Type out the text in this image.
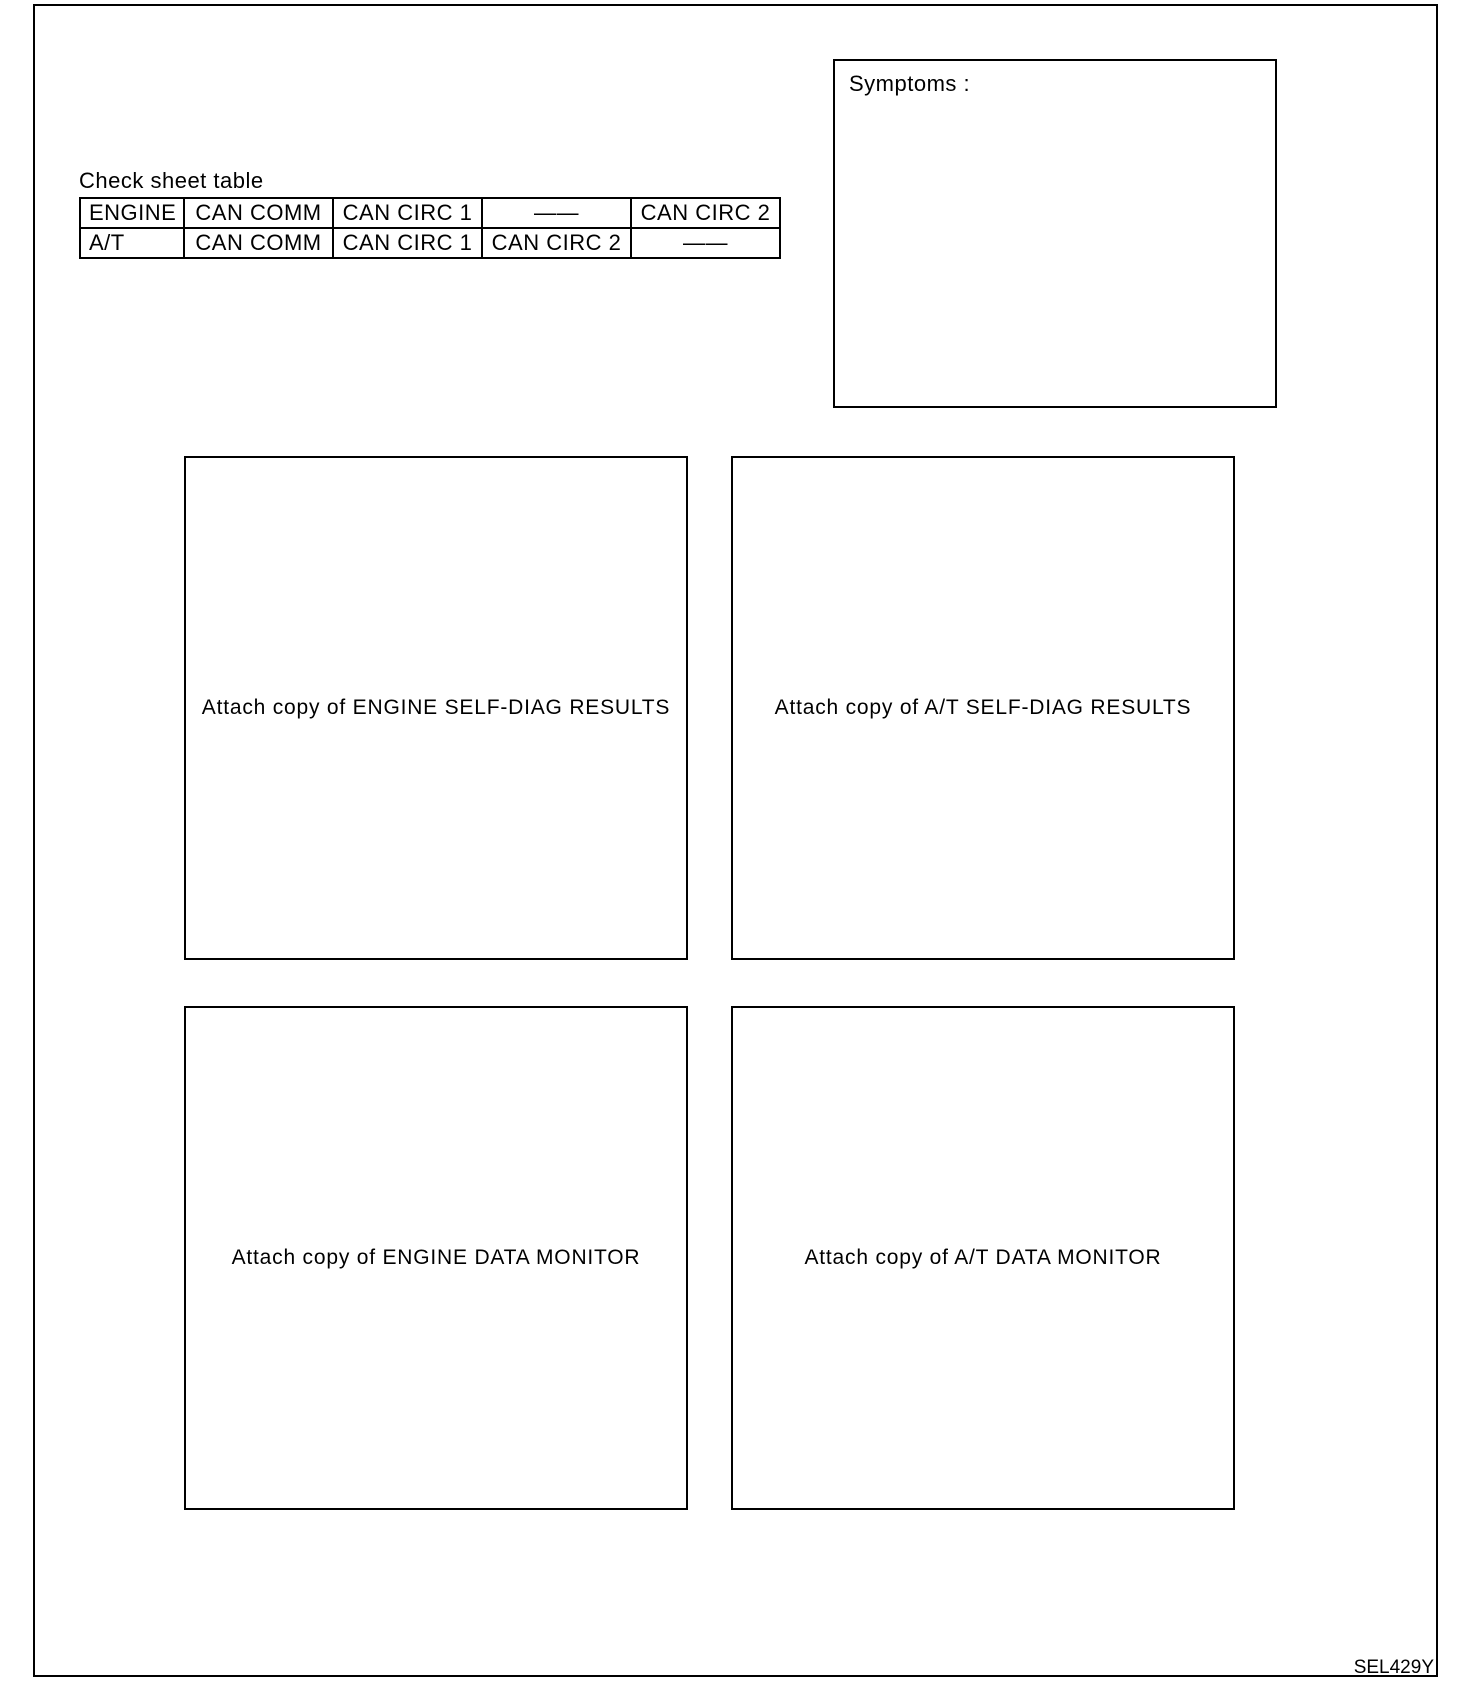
Check sheet table
ENGINE	CAN COMM	CAN CIRC 1	——	CAN CIRC 2
A/T	CAN COMM	CAN CIRC 1	CAN CIRC 2	——
Symptoms :
Attach copy of ENGINE SELF-DIAG RESULTS	Attach copy of A/T SELF-DIAG RESULTS
Attach copy of ENGINE DATA MONITOR	Attach copy of A/T DATA MONITOR
SEL429Y
